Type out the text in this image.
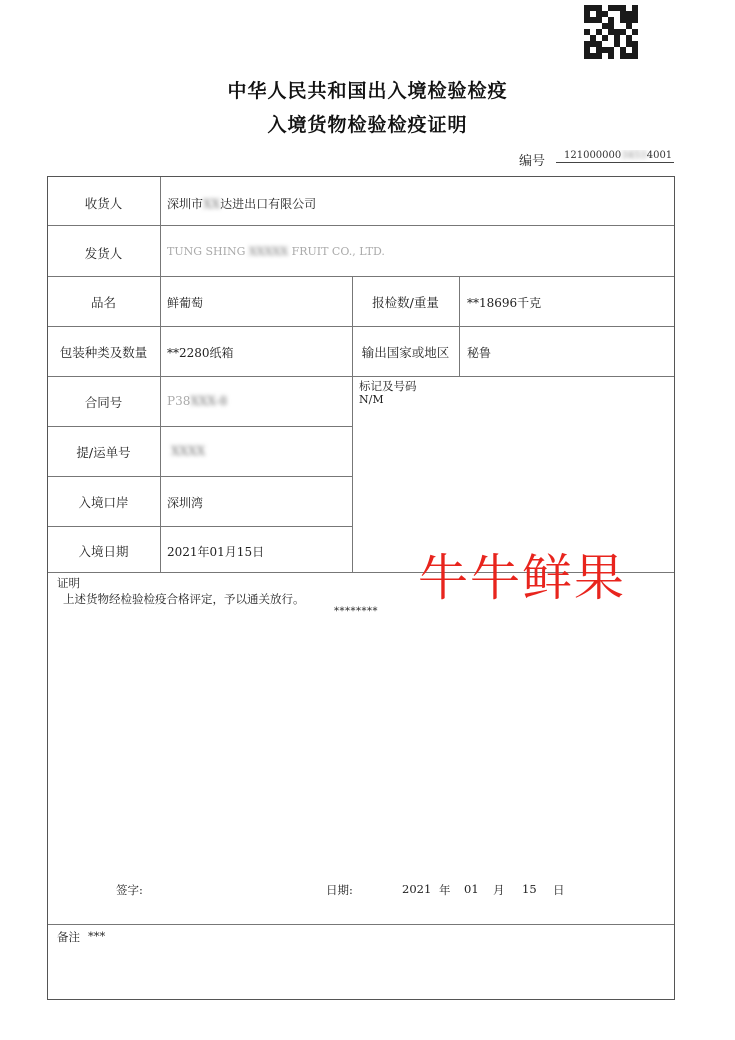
中华人民共和国出入境检验检疫
入境货物检验检疫证明
编号	12100000034534001
收货人	深圳市XX达进出口有限公司
发货人	TUNG SHING XXXXX FRUIT CO., LTD.
品名	鲜葡萄	报检数/重量	**18696千克
包装种类及数量	**2280纸箱	输出国家或地区	秘鲁
合同号	P38XXX-8
标记及号码
N/M
提/运单号	XXXX
入境口岸	深圳湾
入境日期	2021年01月15日	牛牛鲜果
证明
上述货物经检验检疫合格评定，予以通关放行。
********
签字:	日期:	2021 年 01 月 15 日
备注 ***
